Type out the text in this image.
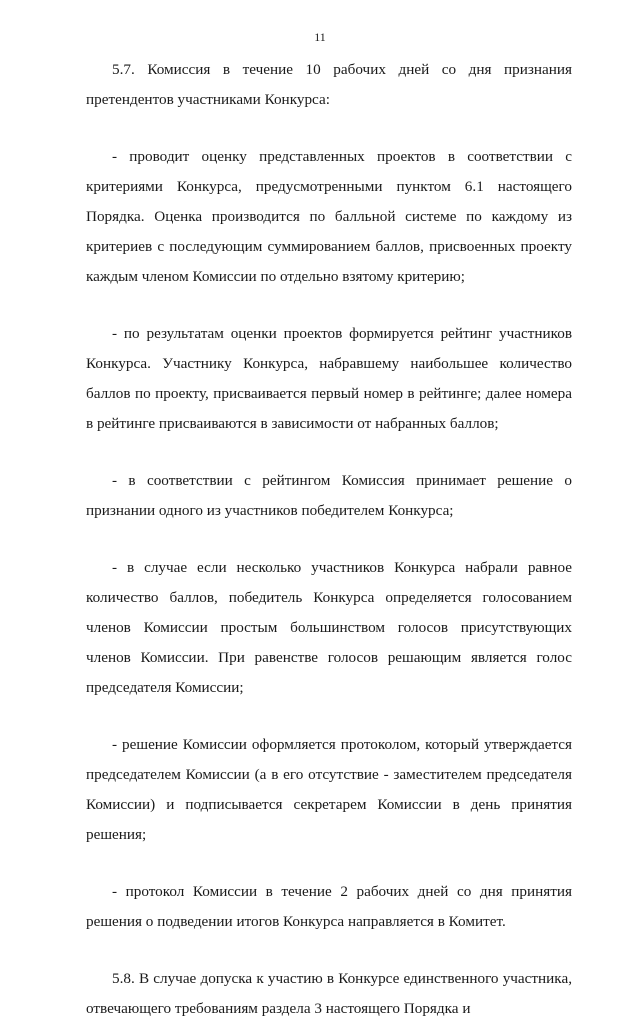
11

5.7. Комиссия в течение 10 рабочих дней со дня признания претендентов участниками Конкурса:

- проводит оценку представленных проектов в соответствии с критериями Конкурса, предусмотренными пунктом 6.1 настоящего Порядка. Оценка производится по балльной системе по каждому из критериев с последующим суммированием баллов, присвоенных проекту каждым членом Комиссии по отдельно взятому критерию;

- по результатам оценки проектов формируется рейтинг участников Конкурса. Участнику Конкурса, набравшему наибольшее количество баллов по проекту, присваивается первый номер в рейтинге; далее номера в рейтинге присваиваются в зависимости от набранных баллов;

- в соответствии с рейтингом Комиссия принимает решение о признании одного из участников победителем Конкурса;

- в случае если несколько участников Конкурса набрали равное количество баллов, победитель Конкурса определяется голосованием членов Комиссии простым большинством голосов присутствующих членов Комиссии. При равенстве голосов решающим является голос председателя Комиссии;

- решение Комиссии оформляется протоколом, который утверждается председателем Комиссии (а в его отсутствие - заместителем председателя Комиссии) и подписывается секретарем Комиссии в день принятия решения;

- протокол Комиссии в течение 2 рабочих дней со дня принятия решения о подведении итогов Конкурса направляется в Комитет.

5.8. В случае допуска к участию в Конкурсе единственного участника, отвечающего требованиям раздела 3 настоящего Порядка и
